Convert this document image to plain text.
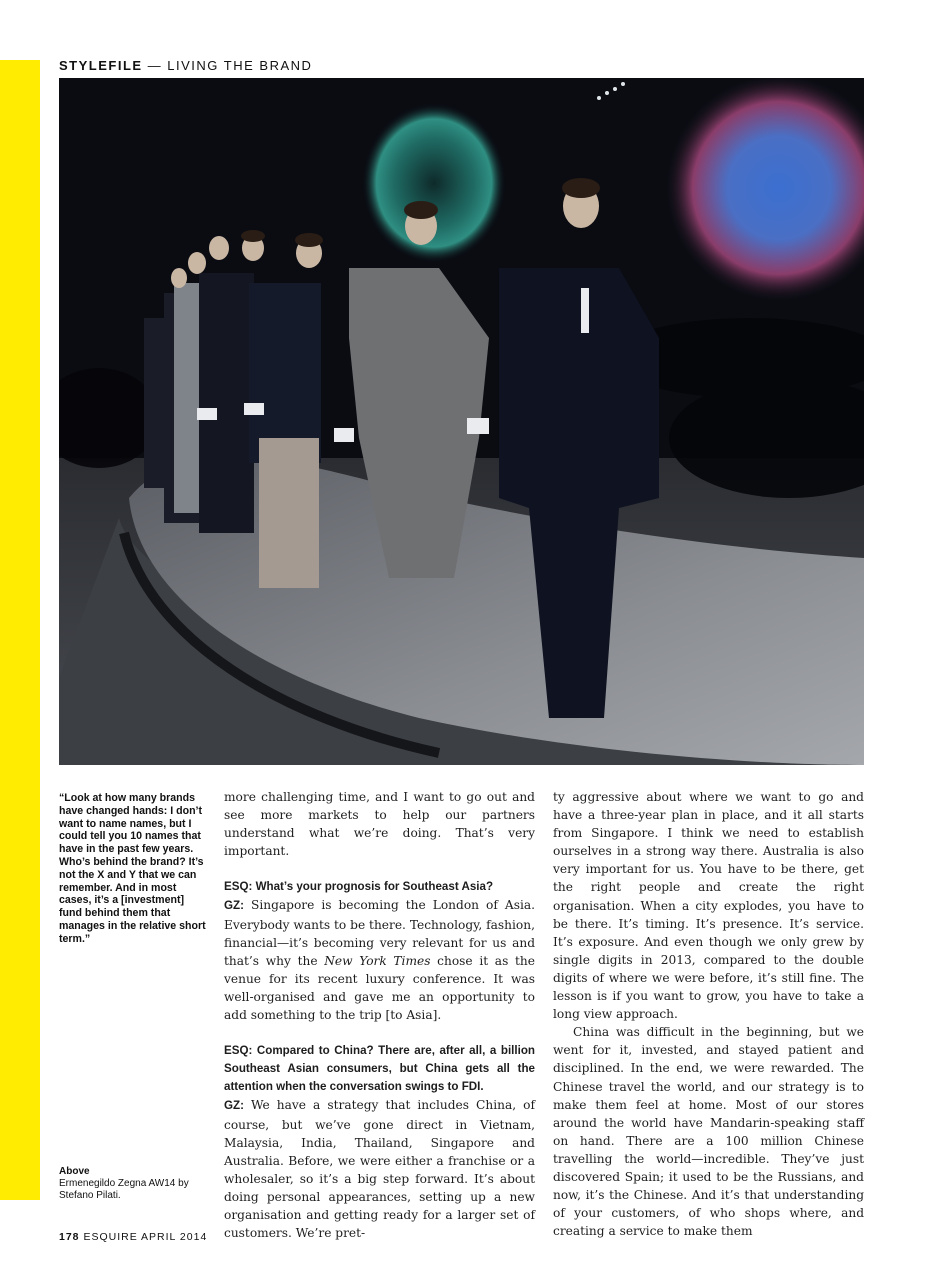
STYLEFILE — LIVING THE BRAND
“Look at how many brands have changed hands: I don’t want to name names, but I could tell you 10 names that have in the past few years. Who’s behind the brand? It’s not the X and Y that we can remember. And in most cases, it’s a [investment] fund behind them that manages in the relative short term.”
Above
Ermenegildo Zegna AW14 by Stefano Pilati.

more challenging time, and I want to go out and see more markets to help our partners understand what we’re doing. That’s very important.

ESQ: What’s your prognosis for Southeast Asia?

GZ: Singapore is becoming the London of Asia. Everybody wants to be there. Technology, fashion, financial—it’s becoming very relevant for us and that’s why the New York Times chose it as the venue for its recent luxury conference. It was well-organised and gave me an opportunity to add something to the trip [to Asia].

ESQ: Compared to China? There are, after all, a billion Southeast Asian consumers, but China gets all the attention when the conversation swings to FDI.

GZ: We have a strategy that includes China, of course, but we’ve gone direct in Vietnam, Malaysia, India, Thailand, Singapore and Australia. Before, we were either a franchise or a wholesaler, so it’s a big step forward. It’s about doing personal appearances, setting up a new organisation and getting ready for a larger set of customers. We’re pret-

ty aggressive about where we want to go and have a three-year plan in place, and it all starts from Singapore. I think we need to establish ourselves in a strong way there. Australia is also very important for us. You have to be there, get the right people and create the right organisation. When a city explodes, you have to be there. It’s timing. It’s presence. It’s service. It’s exposure. And even though we only grew by single digits in 2013, compared to the double digits of where we were before, it’s still fine. The lesson is if you want to grow, you have to take a long view approach.

China was difficult in the beginning, but we went for it, invested, and stayed patient and disciplined. In the end, we were rewarded. The Chinese travel the world, and our strategy is to make them feel at home. Most of our stores around the world have Mandarin-speaking staff on hand. There are a 100 million Chinese travelling the world—incredible. They’ve just discovered Spain; it used to be the Russians, and now, it’s the Chinese. And it’s that understanding of your customers, of who shops where, and creating a service to make them

178 ESQUIRE APRIL 2014
